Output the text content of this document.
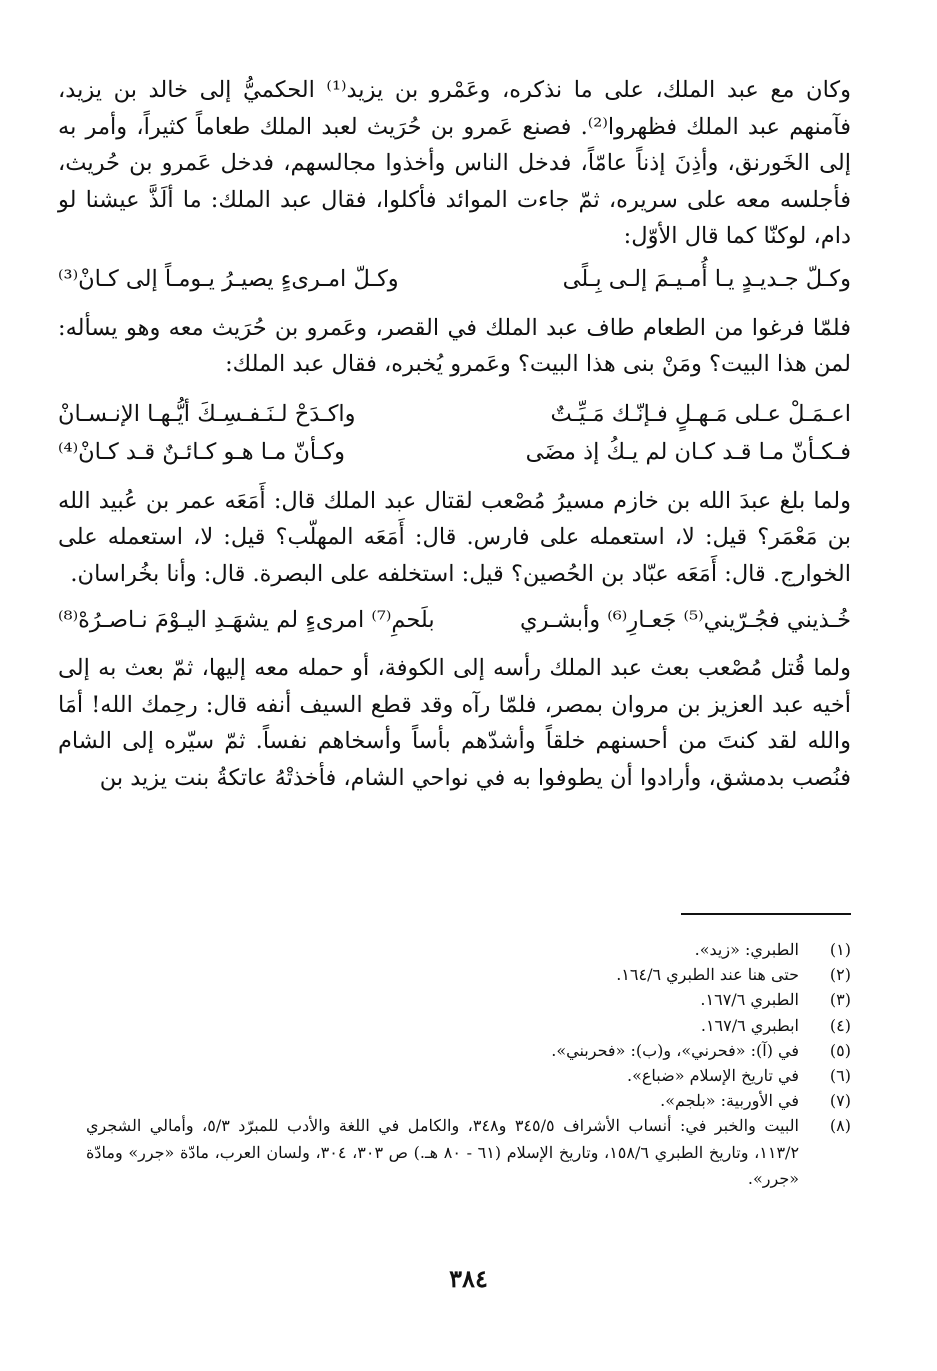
وكان مع عبد الملك، على ما نذكره، وعَمْرو بن يزيد⁽¹⁾ الحكميُّ إلى خالد بن يزيد، فآمنهم عبد الملك فظهروا⁽²⁾. فصنع عَمرو بن حُرَيث لعبد الملك طعاماً كثيراً، وأمر به إلى الخَورنق، وأذِنَ إذناً عامّاً، فدخل الناس وأخذوا مجالسهم، فدخل عَمرو بن حُريث، فأجلسه معه على سريره، ثمّ جاءت الموائد فأكلوا، فقال عبد الملك: ما ألَذَّ عيشنا لو دام، لوكنّا كما قال الأوّل:

وكـلّ جـديـدٍ يـا أُمـيـمَ إلـى بِـلًى
وكـلّ امـرىءٍ يصيـرُ يـومـاً إلى كـانْ⁽³⁾

فلمّا فرغوا من الطعام طاف عبد الملك في القصر، وعَمرو بن حُرَيث معه وهو يسأله: لمن هذا البيت؟ ومَنْ بنى هذا البيت؟ وعَمرو يُخبره، فقال عبد الملك:

اعـمَـلْ عـلى مَـهـلٍ فـإنّـك مَـيِّـتٌ
واكـدَحْ لـنَـفـسِـكَ أيُّـهـا الإنـسـانْ
فـكـأنّ مـا قـد كـان لم يـكُ إذ مضَى
وكـأنّ مـا هـو كـائـنٌ قـد كـانْ⁽⁴⁾

ولما بلغ عبدَ الله بن خازم مسيرُ مُصْعب لقتال عبد الملك قال: أَمَعَه عمر بن عُبيد الله بن مَعْمَر؟ قيل: لا، استعمله على فارس. قال: أَمَعَه المهلّب؟ قيل: لا، استعمله على الخوارج. قال: أَمَعَه عبّاد بن الحُصين؟ قيل: استخلفه على البصرة. قال: وأنا بخُراسان.

خُـذيني فجُـرّيني⁽⁵⁾ جَعـارِ⁽⁶⁾ وأبشـري
بلَحمِ⁽⁷⁾ امرىءٍ لم يشهَـدِ اليـوْمَ نـاصـرُهْ⁽⁸⁾

ولما قُتل مُصْعب بعث عبد الملك رأسه إلى الكوفة، أو حمله معه إليها، ثمّ بعث به إلى أخيه عبد العزيز بن مروان بمصر، فلمّا رآه وقد قطع السيف أنفه قال: رحِمك الله! أمَا والله لقد كنتَ من أحسنهم خلقاً وأشدّهم بأساً وأسخاهم نفساً. ثمّ سيّره إلى الشام فنُصب بدمشق، وأرادوا أن يطوفوا به في نواحي الشام، فأخذتْهُ عاتكةُ بنت يزيد بن

(١)
الطبري: «زيد».
(٢)
حتى هنا عند الطبري ١٦٤/٦.
(٣)
الطبري ١٦٧/٦.
(٤)
ابطبري ١٦٧/٦.
(٥)
في (آ): «فحرني»، و(ب): «فحربني».
(٦)
في تاريخ الإسلام «ضباع».
(٧)
في الأوربية: «بلجم».
(٨)
البيت والخبر في: أنساب الأشراف ٣٤٥/٥ و٣٤٨، والكامل في اللغة والأدب للمبرّد ٥/٣، وأمالي الشجري ١١٣/٢، وتاريخ الطبري ١٥٨/٦، وتاريخ الإسلام (٦١ - ٨٠ هـ.) ص ٣٠٣، ٣٠٤، ولسان العرب، مادّة «جرر» ومادّة «جرر».
٣٨٤
